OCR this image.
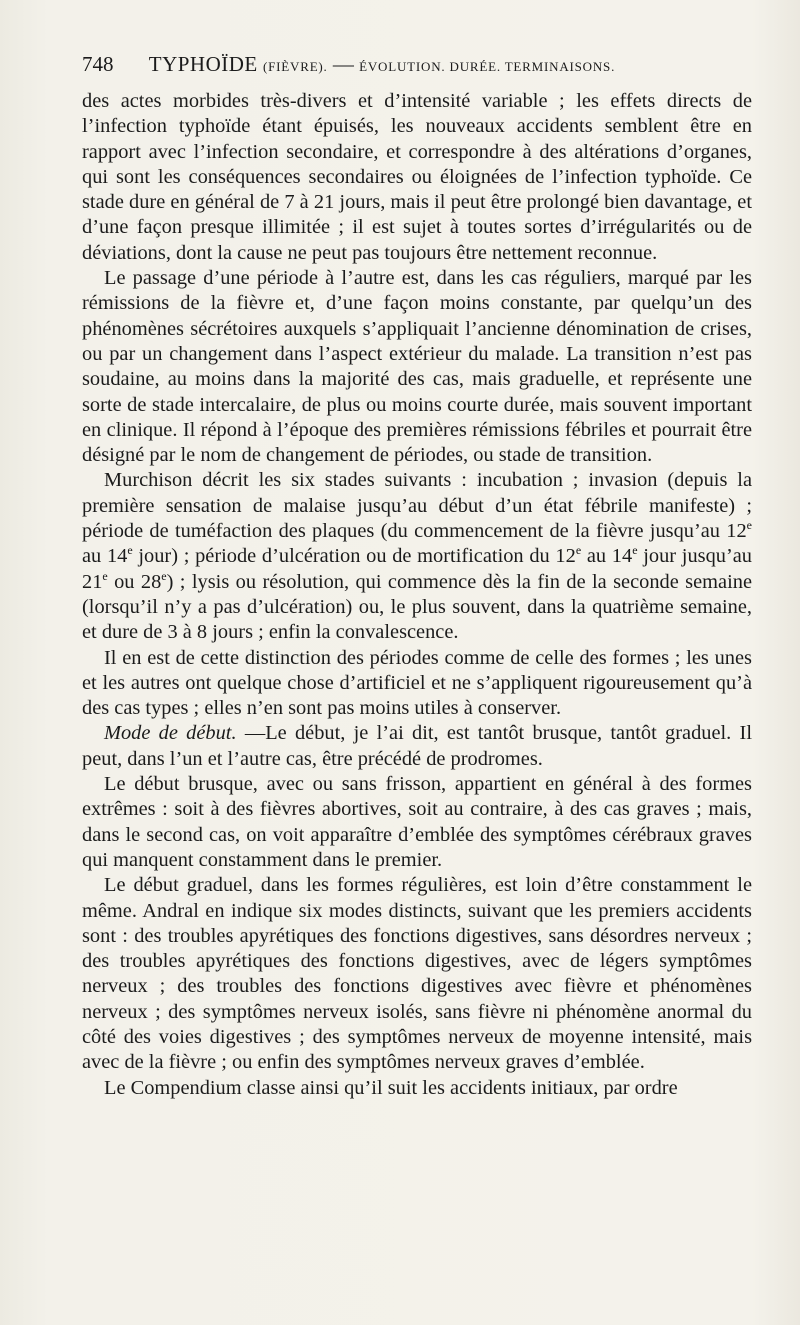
748 TYPHOÏDE (FIÈVRE). — ÉVOLUTION. DURÉE. TERMINAISONS.

des actes morbides très-divers et d’intensité variable ; les effets directs de l’infection typhoïde étant épuisés, les nouveaux accidents semblent être en rapport avec l’infection secondaire, et correspondre à des altérations d’organes, qui sont les conséquences secondaires ou éloignées de l’infection typhoïde. Ce stade dure en général de 7 à 21 jours, mais il peut être prolongé bien davantage, et d’une façon presque illimitée ; il est sujet à toutes sortes d’irrégularités ou de déviations, dont la cause ne peut pas toujours être nettement reconnue.

Le passage d’une période à l’autre est, dans les cas réguliers, marqué par les rémissions de la fièvre et, d’une façon moins constante, par quelqu’un des phénomènes sécrétoires auxquels s’appliquait l’ancienne dénomination de crises, ou par un changement dans l’aspect extérieur du malade. La transition n’est pas soudaine, au moins dans la majorité des cas, mais graduelle, et représente une sorte de stade intercalaire, de plus ou moins courte durée, mais souvent important en clinique. Il répond à l’époque des premières rémissions fébriles et pourrait être désigné par le nom de changement de périodes, ou stade de transition.

Murchison décrit les six stades suivants : incubation ; invasion (depuis la première sensation de malaise jusqu’au début d’un état fébrile manifeste) ; période de tuméfaction des plaques (du commencement de la fièvre jusqu’au 12e au 14e jour) ; période d’ulcération ou de mortification du 12e au 14e jour jusqu’au 21e ou 28e) ; lysis ou résolution, qui commence dès la fin de la seconde semaine (lorsqu’il n’y a pas d’ulcération) ou, le plus souvent, dans la quatrième semaine, et dure de 3 à 8 jours ; enfin la convalescence.

Il en est de cette distinction des périodes comme de celle des formes ; les unes et les autres ont quelque chose d’artificiel et ne s’appliquent rigoureusement qu’à des cas types ; elles n’en sont pas moins utiles à conserver.

Mode de début. —Le début, je l’ai dit, est tantôt brusque, tantôt graduel. Il peut, dans l’un et l’autre cas, être précédé de prodromes.

Le début brusque, avec ou sans frisson, appartient en général à des formes extrêmes : soit à des fièvres abortives, soit au contraire, à des cas graves ; mais, dans le second cas, on voit apparaître d’emblée des symptômes cérébraux graves qui manquent constamment dans le premier.

Le début graduel, dans les formes régulières, est loin d’être constamment le même. Andral en indique six modes distincts, suivant que les premiers accidents sont : des troubles apyrétiques des fonctions digestives, sans désordres nerveux ; des troubles apyrétiques des fonctions digestives, avec de légers symptômes nerveux ; des troubles des fonctions digestives avec fièvre et phénomènes nerveux ; des symptômes nerveux isolés, sans fièvre ni phénomène anormal du côté des voies digestives ; des symptômes nerveux de moyenne intensité, mais avec de la fièvre ; ou enfin des symptômes nerveux graves d’emblée.

Le Compendium classe ainsi qu’il suit les accidents initiaux, par ordre
